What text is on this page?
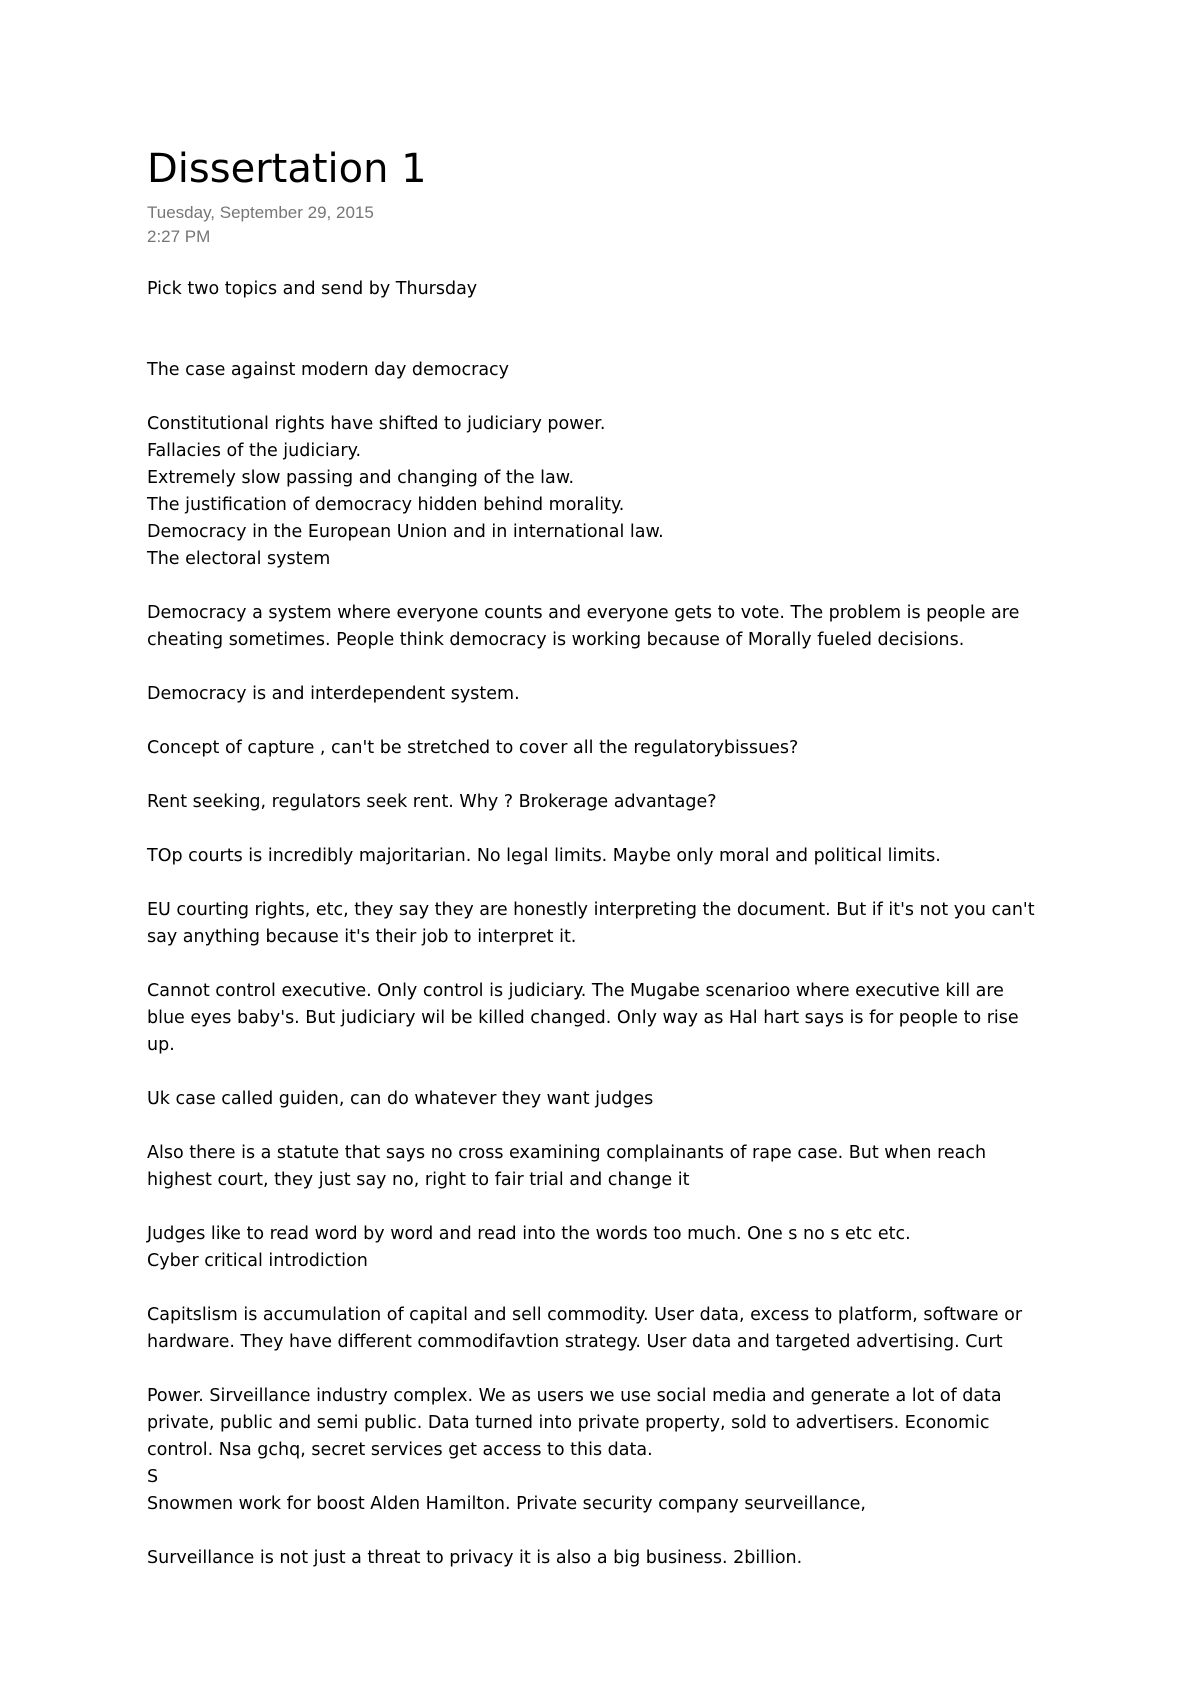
Dissertation 1
Tuesday, September 29, 2015
2:27 PM
Pick two topics and send by Thursday
The case against modern day democracy
Constitutional rights have shifted to judiciary power.
Fallacies of the judiciary.
Extremely slow passing and changing of the law.
The justification of democracy hidden behind morality.
Democracy in the European Union and in international law.
The electoral system
Democracy a system where everyone counts and everyone gets to vote. The problem is people are
cheating sometimes. People think democracy is working because of Morally fueled decisions.
Democracy is and interdependent system.
Concept of capture , can't be stretched to cover all the regulatorybissues?
Rent seeking, regulators seek rent. Why ? Brokerage advantage?
TOp courts is incredibly majoritarian. No legal limits. Maybe only moral and political limits.
EU courting rights, etc, they say they are honestly interpreting the document. But if it's not you can't
say anything because it's their job to interpret it.
Cannot control executive. Only control is judiciary. The Mugabe scenarioo where executive kill are
blue eyes baby's. But judiciary wil be killed changed. Only way as Hal hart says is for people to rise
up.
Uk case called guiden, can do whatever they want judges
Also there is a statute that says no cross examining complainants of rape case. But when reach
highest court, they just say no, right to fair trial and change it
Judges like to read word by word and read into the words too much. One s no s etc etc.
Cyber critical introdiction
Capitslism is accumulation of capital and sell commodity. User data, excess to platform, software or
hardware. They have different commodifavtion strategy. User data and targeted advertising. Curt
Power. Sirveillance industry complex. We as users we use social media and generate a lot of data
private, public and semi public. Data turned into private property, sold to advertisers. Economic
control. Nsa gchq, secret services get access to this data.
S
Snowmen work for boost Alden Hamilton. Private security company seurveillance,
Surveillance is not just a threat to privacy it is also a big business. 2billion.
